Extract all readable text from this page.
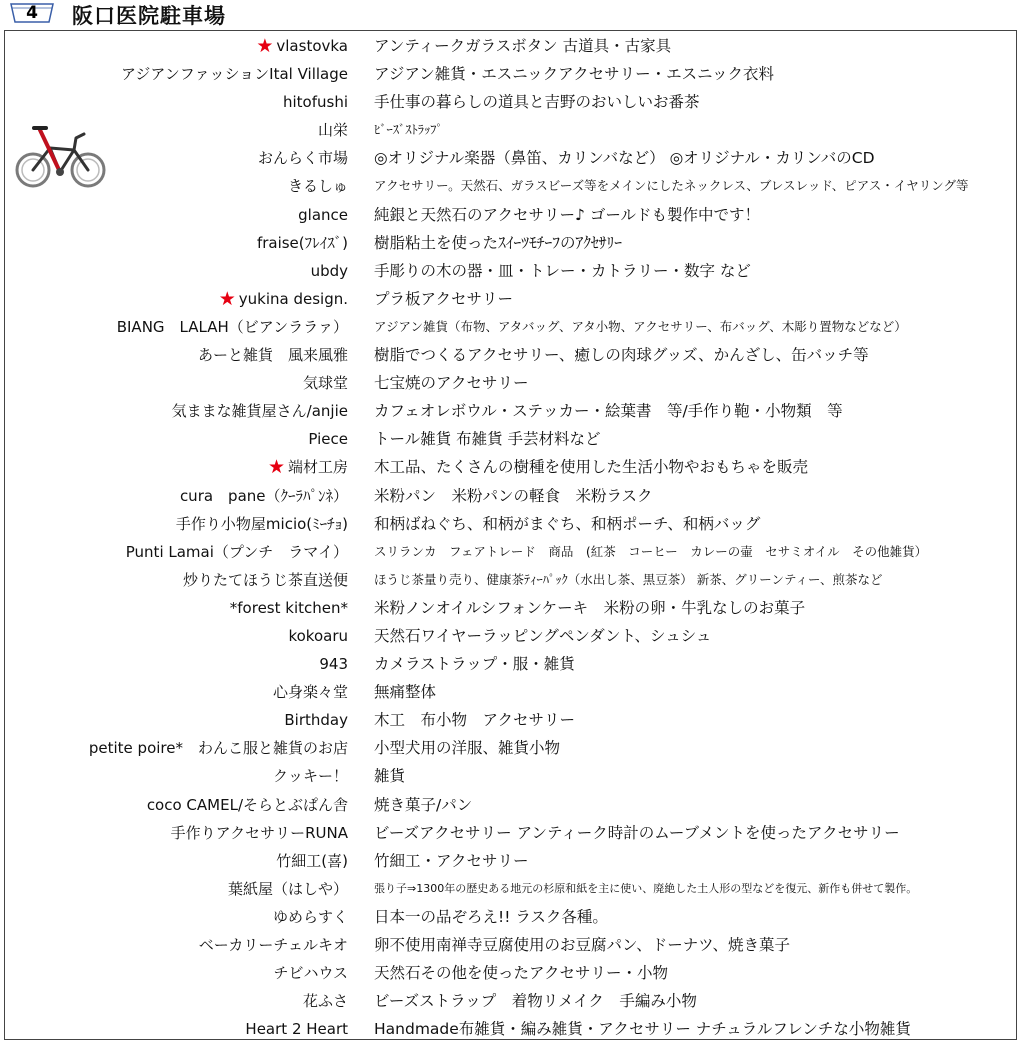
4	阪口医院駐車場
★ vlastovka アンティークガラスボタン 古道具・古家具
アジアンファッションItal Village アジアン雑貨・エスニックアクセサリー・エスニック衣料
hitofushi 手仕事の暮らしの道具と吉野のおいしいお番茶
山栄 ﾋﾞｰｽﾞｽﾄﾗｯﾌﾟ
おんらく市場 ◎オリジナル楽器（鼻笛、カリンバなど） ◎オリジナル・カリンバのCD
きるしゅ アクセサリー。天然石、ガラスビーズ等をメインにしたネックレス、ブレスレッド、ピアス・イヤリング等
glance 純銀と天然石のアクセサリー♪ ゴールドも製作中です！
fraise(ﾌﾚｲｽﾞ) 樹脂粘土を使ったｽｲｰﾂﾓﾁｰﾌのｱｸｾｻﾘｰ
ubdy 手彫りの木の器・皿・トレー・カトラリー・数字 など
★ yukina design. プラ板アクセサリー
BIANG　LALAH（ビアンララァ） アジアン雑貨（布物、アタバッグ、アタ小物、アクセサリー、布バッグ、木彫り置物などなど）
あーと雑貨　風来風雅 樹脂でつくるアクセサリー、癒しの肉球グッズ、かんざし、缶バッチ等
気球堂 七宝焼のアクセサリー
気ままな雑貨屋さん/anjie カフェオレボウル・ステッカー・絵葉書　等/手作り鞄・小物類　等
Piece トール雑貨 布雑貨 手芸材料など
★ 端材工房 木工品、たくさんの樹種を使用した生活小物やおもちゃを販売
cura　pane（ｸｰﾗﾊﾟﾝﾈ） 米粉パン　米粉パンの軽食　米粉ラスク
手作り小物屋micio(ﾐｰﾁｮ) 和柄ばねぐち、和柄がまぐち、和柄ポーチ、和柄バッグ
Punti Lamai（プンチ　ラマイ） スリランカ　フェアトレード　商品　(紅茶　コーヒー　カレーの壷　セサミオイル　その他雑貨）
炒りたてほうじ茶直送便 ほうじ茶量り売り、健康茶ﾃｨｰﾊﾟｯｸ（水出し茶、黒豆茶） 新茶、グリーンティー、煎茶など
*forest kitchen* 米粉ノンオイルシフォンケーキ　米粉の卵・牛乳なしのお菓子
kokoaru 天然石ワイヤーラッピングペンダント、シュシュ
943 カメラストラップ・服・雑貨
心身楽々堂 無痛整体
Birthday 木工　布小物　アクセサリー
petite poire*　わんこ服と雑貨のお店 小型犬用の洋服、雑貨小物
クッキー！ 雑貨
coco CAMEL/そらとぶぱん舎 焼き菓子/パン
手作りアクセサリーRUNA ビーズアクセサリー アンティーク時計のムーブメントを使ったアクセサリー
竹細工(喜) 竹細工・アクセサリー
葉紙屋（はしや） 張り子⇒1300年の歴史ある地元の杉原和紙を主に使い、廃絶した土人形の型などを復元、新作も併せて製作。
ゆめらすく 日本一の品ぞろえ!! ラスク各種。
ベーカリーチェルキオ 卵不使用南禅寺豆腐使用のお豆腐パン、ドーナツ、焼き菓子
チビハウス 天然石その他を使ったアクセサリー・小物
花ふさ ビーズストラップ　着物リメイク　手編み小物
Heart 2 Heart Handmade布雑貨・編み雑貨・アクセサリー ナチュラルフレンチな小物雑貨
